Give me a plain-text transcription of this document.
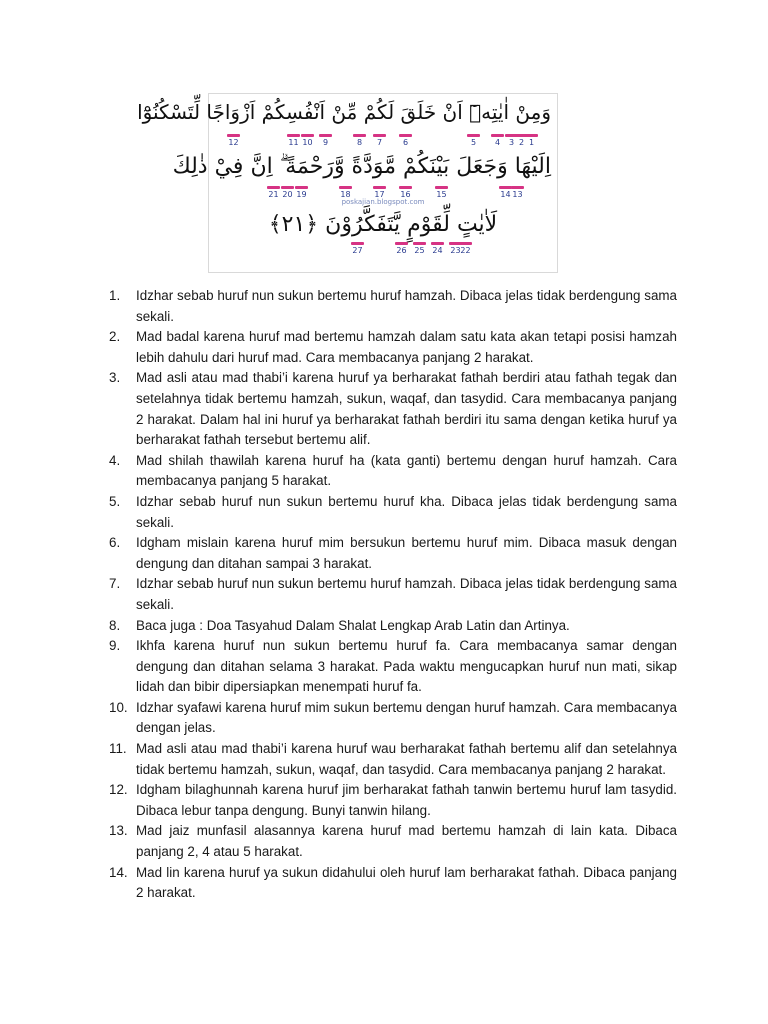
وَمِنْ اٰيٰتِهٖٓ اَنْ خَلَقَ لَكُمْ مِّنْ اَنْفُسِكُمْ اَزْوَاجًا لِّتَسْكُنُوْٓا
12	11 10	9	8	7	6	5	4	3 2 1
اِلَيْهَا وَجَعَلَ بَيْنَكُمْ مَّوَدَّةً وَّرَحْمَةً ۗ اِنَّ فِيْ ذٰلِكَ
21 20 19	18	17 16	15	14 13
poskajian.blogspot.com
لَاٰيٰتٍ لِّقَوْمٍ يَّتَفَكَّرُوْنَ ﴿٢١﴾
27	26 25 24 23 22
1. Idzhar sebab huruf nun sukun bertemu huruf hamzah. Dibaca jelas tidak berdengung sama sekali.
2. Mad badal karena huruf mad bertemu hamzah dalam satu kata akan tetapi posisi hamzah lebih dahulu dari huruf mad. Cara membacanya panjang 2 harakat.
3. Mad asli atau mad thabi’i karena huruf ya berharakat fathah berdiri atau fathah tegak dan setelahnya tidak bertemu hamzah, sukun, waqaf, dan tasydid. Cara membacanya panjang 2 harakat. Dalam hal ini huruf ya berharakat fathah berdiri itu sama dengan ketika huruf ya berharakat fathah tersebut bertemu alif.
4. Mad shilah thawilah karena huruf ha (kata ganti) bertemu dengan huruf hamzah. Cara membacanya panjang 5 harakat.
5. Idzhar sebab huruf nun sukun bertemu huruf kha. Dibaca jelas tidak berdengung sama sekali.
6. Idgham mislain karena huruf mim bersukun bertemu huruf mim. Dibaca masuk dengan dengung dan ditahan sampai 3 harakat.
7. Idzhar sebab huruf nun sukun bertemu huruf hamzah. Dibaca jelas tidak berdengung sama sekali.
8. Baca juga : Doa Tasyahud Dalam Shalat Lengkap Arab Latin dan Artinya.
9. Ikhfa karena huruf nun sukun bertemu huruf fa. Cara membacanya samar dengan dengung dan ditahan selama 3 harakat. Pada waktu mengucapkan huruf nun mati, sikap lidah dan bibir dipersiapkan menempati huruf fa.
10. Idzhar syafawi karena huruf mim sukun bertemu dengan huruf hamzah. Cara membacanya dengan jelas.
11. Mad asli atau mad thabi’i karena huruf wau berharakat fathah bertemu alif dan setelahnya tidak bertemu hamzah, sukun, waqaf, dan tasydid. Cara membacanya panjang 2 harakat.
12. Idgham bilaghunnah karena huruf jim berharakat fathah tanwin bertemu huruf lam tasydid. Dibaca lebur tanpa dengung. Bunyi tanwin hilang.
13. Mad jaiz munfasil alasannya karena huruf mad bertemu hamzah di lain kata. Dibaca panjang 2, 4 atau 5 harakat.
14. Mad lin karena huruf ya sukun didahului oleh huruf lam berharakat fathah. Dibaca panjang 2 harakat.
